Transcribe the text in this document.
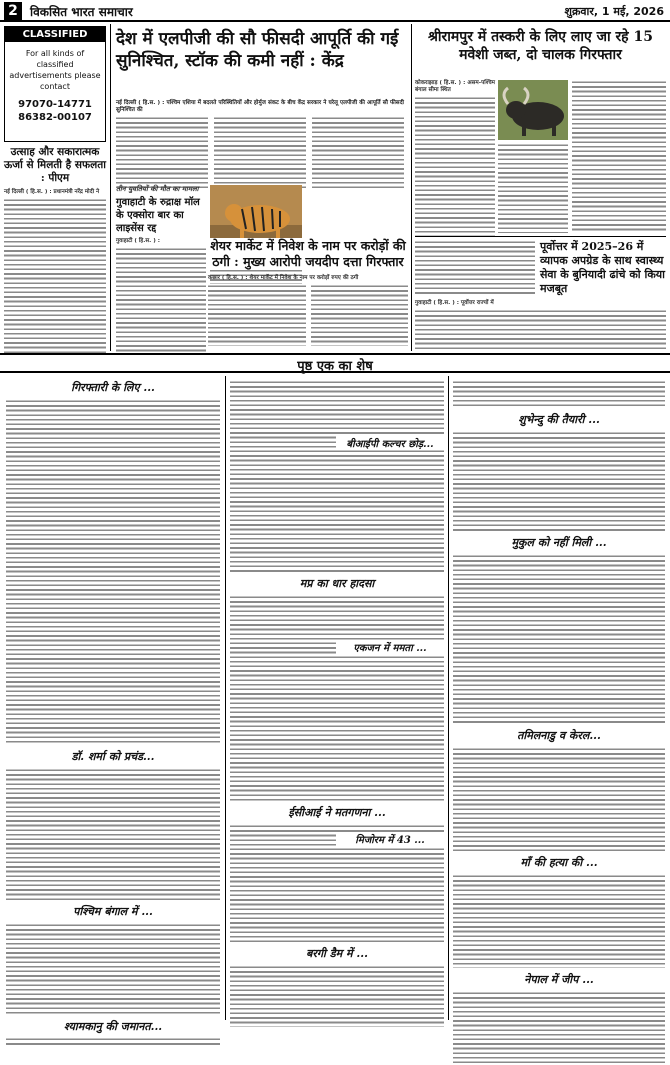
2	विकसित भारत समाचार	शुक्रवार, 1 मई, 2026
CLASSIFIED
For all kinds of classified advertisements please contact
97070-14771
86382-00107
उत्साह और सकारात्मक ऊर्जा से मिलती है सफलता : पीएम
नई दिल्ली ( हि.स. ) : प्रधानमंत्री नरेंद्र मोदी ने
देश में एलपीजी की सौ फीसदी आपूर्ति की गई सुनिश्चित, स्टॉक की कमी नहीं : केंद्र
नई दिल्ली ( हि.स. ) : पश्चिम एशिया में बदलते परिस्थितियों और होर्मुज संकट के बीच केंद्र सरकार ने घरेलू एलपीजी की आपूर्ति सौ फीसदी सुनिश्चित की
तीन युवतियों की मौत का मामला
गुवाहाटी के रुद्राक्ष मॉल के एक्सोरा बार का लाइसेंस रद्द
गुवाहाटी ( हि.स. ) :	शेयर मार्केट में निवेश के नाम पर करोड़ों की ठगी : मुख्य आरोपी जयदीप दत्ता गिरफ्तार
कछार ( हि.स. ) : शेयर मार्केट में निवेश के नाम पर करोड़ों रुपए की ठगी
श्रीरामपुर में तस्करी के लिए लाए जा रहे 15 मवेशी जब्त, दो चालक गिरफ्तार
कोकराझाड़ ( हि.स. ) : असम-पश्चिम बंगाल सीमा स्थित
पूर्वोत्तर में 2025–26 में व्यापक अपग्रेड के साथ स्वास्थ्य सेवा के बुनियादी ढांचे को किया मजबूत
गुवाहाटी ( हि.स. ) : पूर्वोत्तर राज्यों में
पृष्ठ एक का शेष
गिरफ्तारी के लिए ...
डॉ. शर्मा को प्रचंड...
पश्चिम बंगाल में ...
श्यामकानु की जमानत...
मप्र का धार हादसा
ईसीआई ने मतगणना ...
बरगी डैम में ...
शुभेन्दु की तैयारी ...
मुकुल को नहीं मिली ...
तमिलनाडु व केरल...
माँ की हत्या की ...
नेपाल में जीप ...
बीआईपी कल्चर छोड़...
एकजन में ममता ...
मिजोरम में 43 ...
